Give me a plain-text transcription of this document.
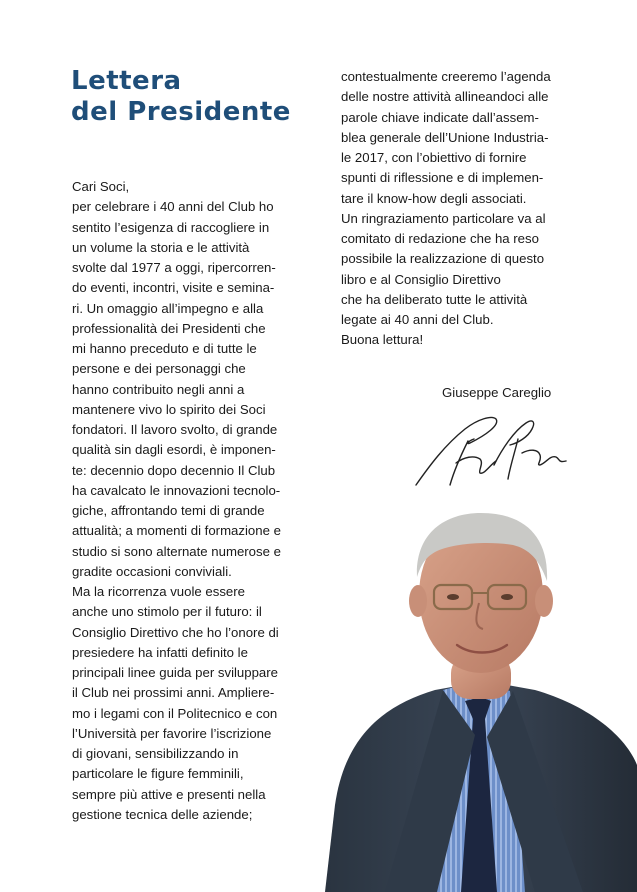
Lettera
del Presidente
Cari Soci,
per celebrare i 40 anni del Club ho
sentito l’esigenza di raccogliere in
un volume la storia e le attività
svolte dal 1977 a oggi, ripercorren-
do eventi, incontri, visite e semina-
ri. Un omaggio all’impegno e alla
professionalità dei Presidenti che
mi hanno preceduto e di tutte le
persone e dei personaggi che
hanno contribuito negli anni a
mantenere vivo lo spirito dei Soci
fondatori. Il lavoro svolto, di grande
qualità sin dagli esordi, è imponen-
te: decennio dopo decennio Il Club
ha cavalcato le innovazioni tecnolo-
giche, affrontando temi di grande
attualità; a momenti di formazione e
studio si sono alternate numerose e
gradite occasioni conviviali.
Ma la ricorrenza vuole essere
anche uno stimolo per il futuro: il
Consiglio Direttivo che ho l’onore di
presiedere ha infatti definito le
principali linee guida per sviluppare
il Club nei prossimi anni. Ampliere-
mo i legami con il Politecnico e con
l’Università per favorire l’iscrizione
di giovani, sensibilizzando in
particolare le figure femminili,
sempre più attive e presenti nella
gestione tecnica delle aziende;
contestualmente creeremo l’agenda
delle nostre attività allineandoci alle
parole chiave indicate dall’assem-
blea generale dell’Unione Industria-
le 2017, con l’obiettivo di fornire
spunti di riflessione e di implemen-
tare il know-how degli associati.
Un ringraziamento particolare va al
comitato di redazione che ha reso
possibile la realizzazione di questo
libro e al Consiglio Direttivo
che ha deliberato tutte le attività
legate ai 40 anni del Club.
Buona lettura!
Giuseppe Careglio
